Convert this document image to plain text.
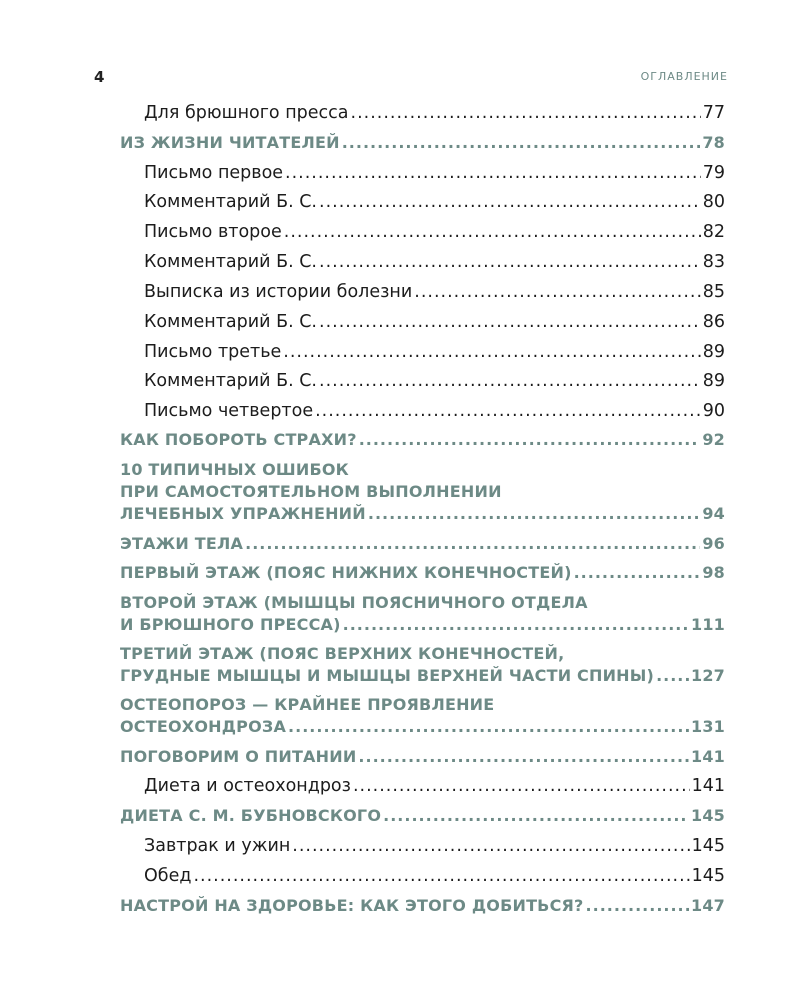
4	ОГЛАВЛЕНИЕ
Для брюшного пресса .....	77
ИЗ ЖИЗНИ ЧИТАТЕЛЕЙ .....	78
Письмо первое .....	79
Комментарий Б. С. .....	80
Письмо второе .....	82
Комментарий Б. С. .....	83
Выписка из истории болезни .....	85
Комментарий Б. С. .....	86
Письмо третье .....	89
Комментарий Б. С. .....	89
Письмо четвертое .....	90
КАК ПОБОРОТЬ СТРАХИ? .....	92
10 ТИПИЧНЫХ ОШИБОК
ПРИ САМОСТОЯТЕЛЬНОМ ВЫПОЛНЕНИИ
ЛЕЧЕБНЫХ УПРАЖНЕНИЙ .....	94
ЭТАЖИ ТЕЛА .....	96
ПЕРВЫЙ ЭТАЖ (ПОЯС НИЖНИХ КОНЕЧНОСТЕЙ) .....	98
ВТОРОЙ ЭТАЖ (МЫШЦЫ ПОЯСНИЧНОГО ОТДЕЛА
И БРЮШНОГО ПРЕССА) .....	111
ТРЕТИЙ ЭТАЖ (ПОЯС ВЕРХНИХ КОНЕЧНОСТЕЙ,
ГРУДНЫЕ МЫШЦЫ И МЫШЦЫ ВЕРХНЕЙ ЧАСТИ СПИНЫ) ..... 127
ОСТЕОПОРОЗ — КРАЙНЕЕ ПРОЯВЛЕНИЕ
ОСТЕОХОНДРОЗА .....	131
ПОГОВОРИМ О ПИТАНИИ .....	141
Диета и остеохондроз .....	141
ДИЕТА С. М. БУБНОВСКОГО .....	145
Завтрак и ужин .....	145
Обед .....	145
НАСТРОЙ НА ЗДОРОВЬЕ: КАК ЭТОГО ДОБИТЬСЯ? .....	147
